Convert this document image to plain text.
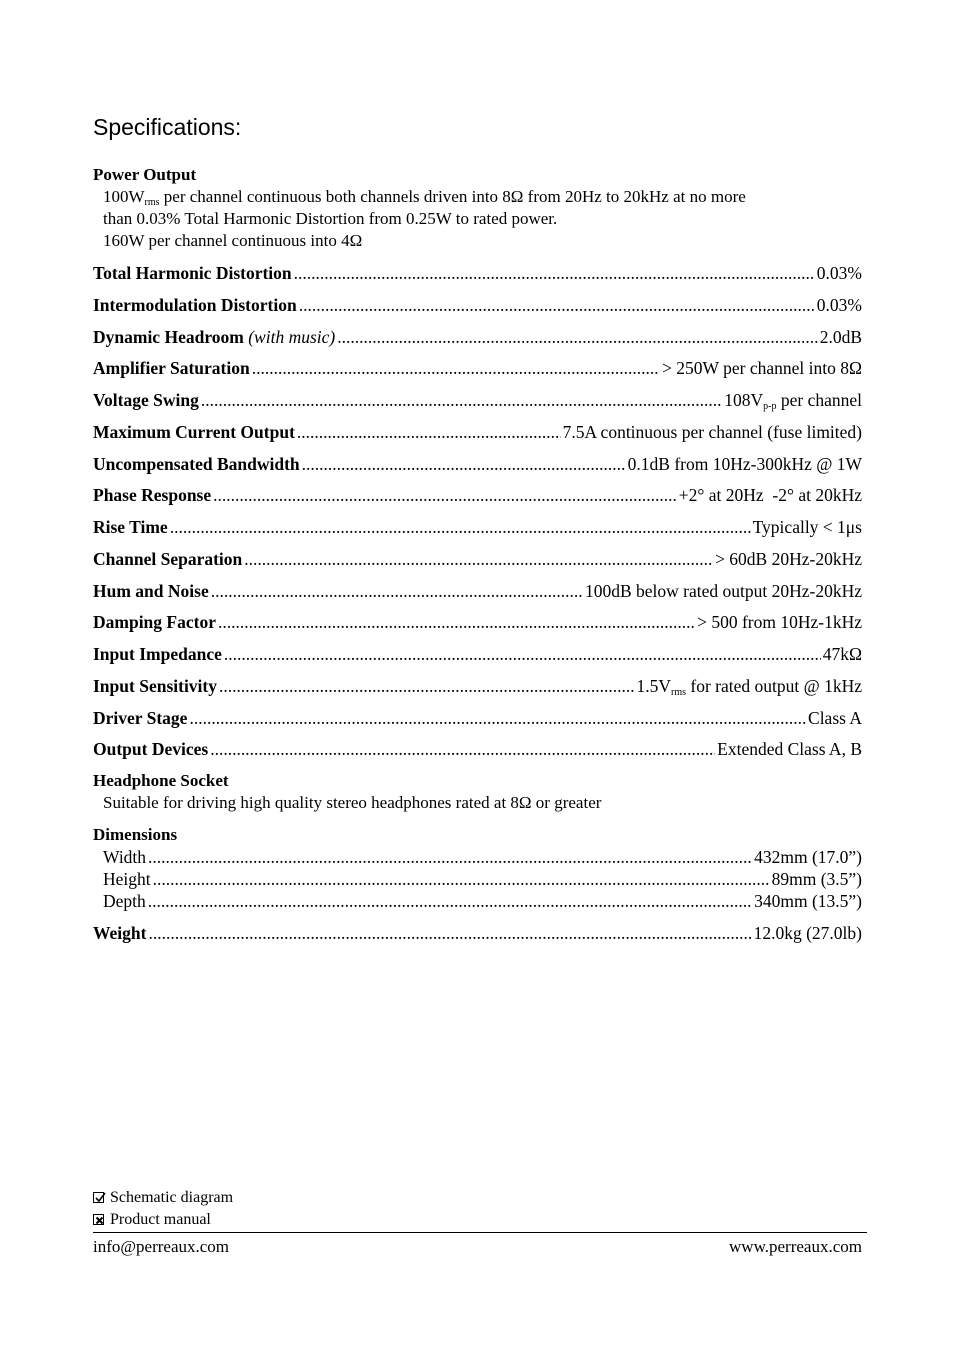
Specifications:
Power Output
$100W_{rms}$ per channel continuous both channels driven into 8Ω from 20Hz to 20kHz at no more
than 0.03% Total Harmonic Distortion from 0.25W to rated power.
160W per channel continuous into 4Ω
Total Harmonic Distortion .....	0.03%
Intermodulation Distortion .....	0.03%
Dynamic Headroom (with music) .....	2.0dB
Amplifier Saturation .....	> 250W per channel into 8Ω
Voltage Swing .....	$108V_{p-p}$ per channel
Maximum Current Output .....	7.5A continuous per channel (fuse limited)
Uncompensated Bandwidth .....	0.1dB from 10Hz-300kHz @ 1W
Phase Response .....	+2° at 20Hz  -2° at 20kHz
Rise Time .....	Typically < 1μs
Channel Separation .....	> 60dB 20Hz-20kHz
Hum and Noise .....	100dB below rated output 20Hz-20kHz
Damping Factor .....	> 500 from 10Hz-1kHz
Input Impedance .....	47kΩ
Input Sensitivity .....	$1.5V_{rms}$ for rated output @ 1kHz
Driver Stage .....	Class A
Output Devices .....	Extended Class A, B
Headphone Socket
Suitable for driving high quality stereo headphones rated at 8Ω or greater
Dimensions
Width .....	432mm (17.0”)
Height .....	89mm (3.5”)
Depth .....	340mm (13.5”)
Weight .....	12.0kg (27.0lb)
Schematic diagram
Product manual
info@perreaux.com	www.perreaux.com
